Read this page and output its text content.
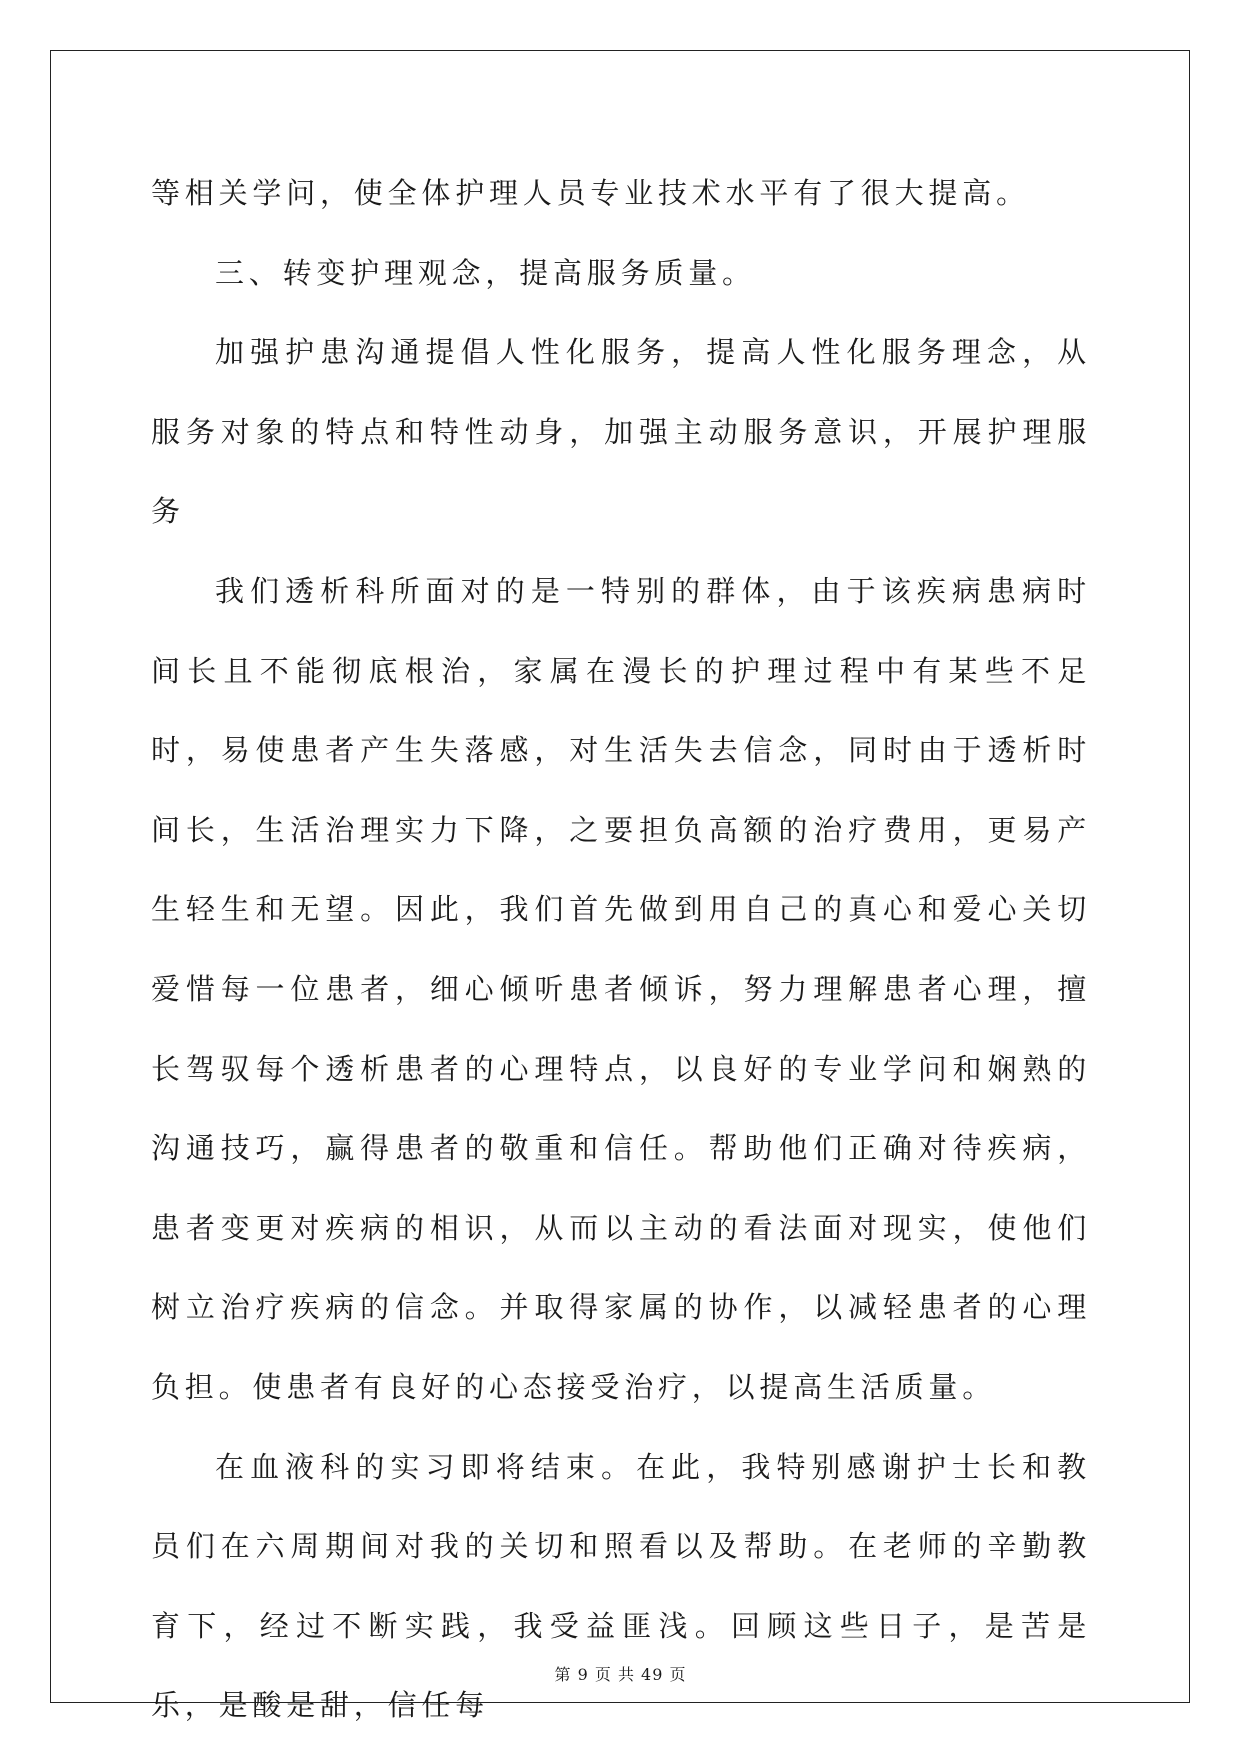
等相关学问，使全体护理人员专业技术水平有了很大提高。

三、转变护理观念，提高服务质量。

加强护患沟通提倡人性化服务，提高人性化服务理念，从服务对象的特点和特性动身，加强主动服务意识，开展护理服务

我们透析科所面对的是一特别的群体，由于该疾病患病时间长且不能彻底根治，家属在漫长的护理过程中有某些不足时，易使患者产生失落感，对生活失去信念，同时由于透析时间长，生活治理实力下降，之要担负高额的治疗费用，更易产生轻生和无望。因此，我们首先做到用自己的真心和爱心关切爱惜每一位患者，细心倾听患者倾诉，努力理解患者心理，擅长驾驭每个透析患者的心理特点，以良好的专业学问和娴熟的沟通技巧，赢得患者的敬重和信任。帮助他们正确对待疾病，患者变更对疾病的相识，从而以主动的看法面对现实，使他们树立治疗疾病的信念。并取得家属的协作，以减轻患者的心理负担。使患者有良好的心态接受治疗，以提高生活质量。

在血液科的实习即将结束。在此，我特别感谢护士长和教员们在六周期间对我的关切和照看以及帮助。在老师的辛勤教育下，经过不断实践，我受益匪浅。回顾这些日子，是苦是乐，是酸是甜，信任每

第 9 页 共 49 页
